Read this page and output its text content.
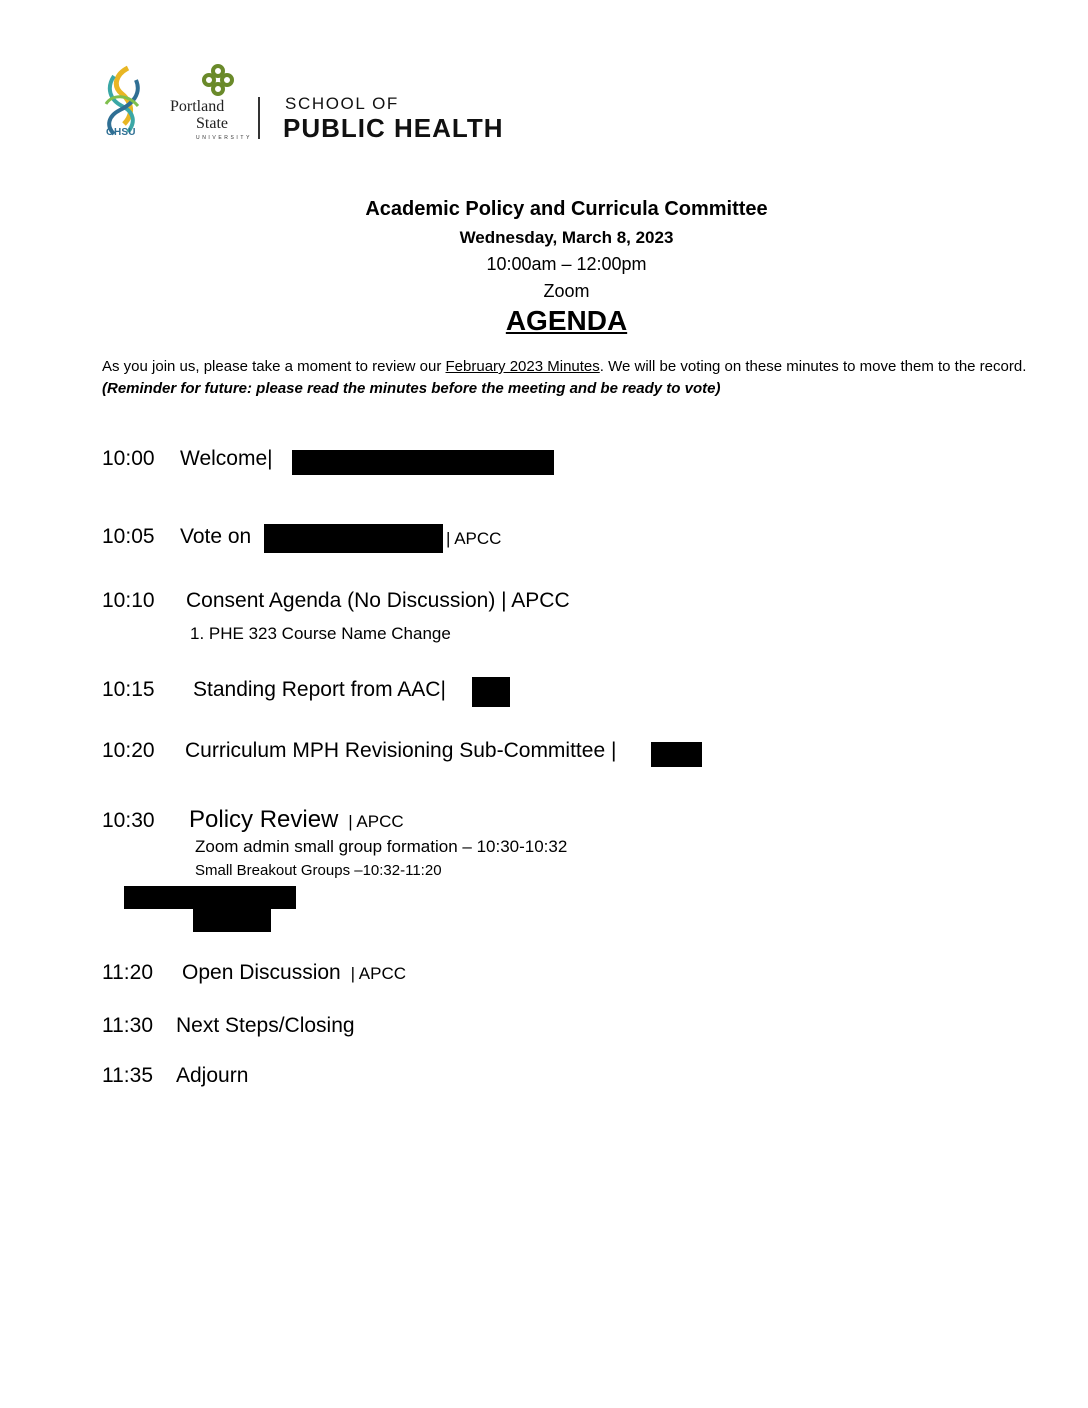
OHSU
Portland
State
UNIVERSITY
SCHOOL OF
PUBLIC HEALTH
Academic Policy and Curricula Committee
Wednesday, March 8, 2023
10:00am – 12:00pm
Zoom
AGENDA
As you join us, please take a moment to review our February 2023 Minutes. We will be voting on these minutes to move them to the record. (Reminder for future: please read the minutes before the meeting and be ready to vote)
10:00 Welcome|
10:05 Vote on	| APCC
10:10 Consent Agenda (No Discussion) | APCC
1. PHE 323 Course Name Change
10:15 Standing Report from AAC|
10:20 Curriculum MPH Revisioning Sub-Committee |
10:30 Policy Review | APCC
Zoom admin small group formation – 10:30-10:32
Small Breakout Groups –10:32-11:20
11:20 Open Discussion | APCC
11:30 Next Steps/Closing
11:35 Adjourn
